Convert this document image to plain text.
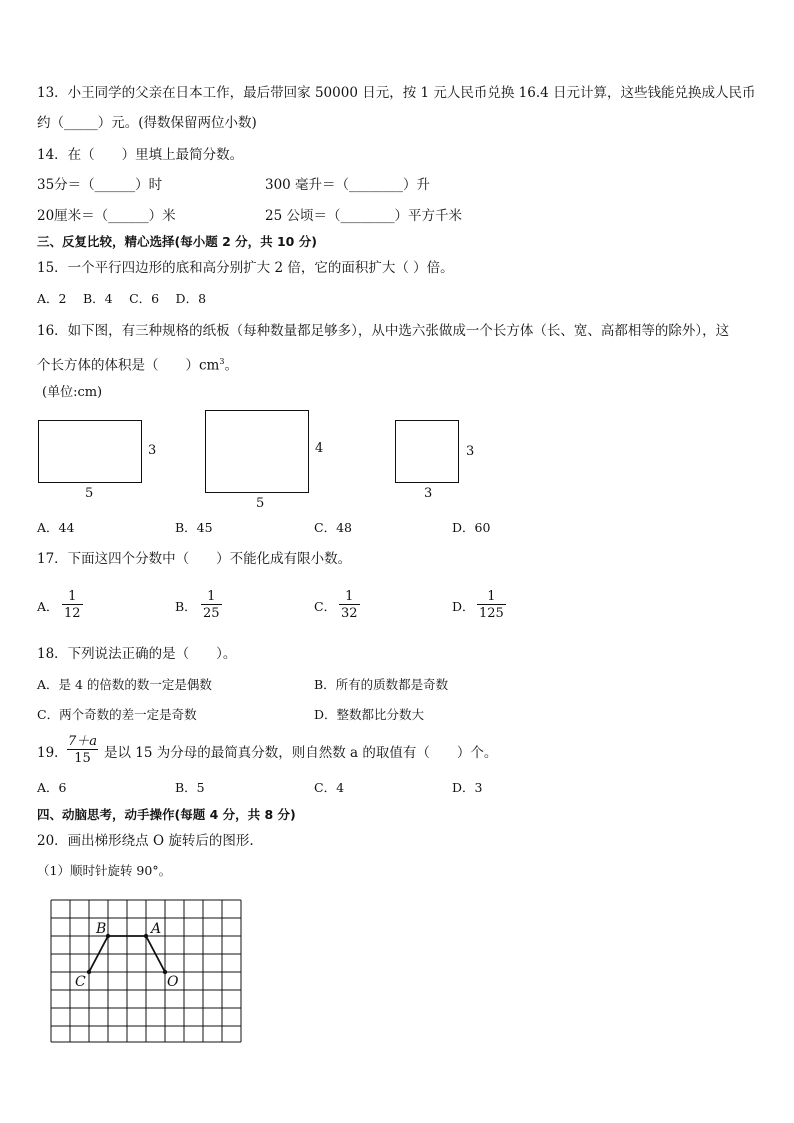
13．小王同学的父亲在日本工作，最后带回家 50000 日元，按 1 元人民币兑换 16.4 日元计算，这些钱能兑换成人民币
约（_____）元。(得数保留两位小数)
14．在（　　）里填上最简分数。
35分＝（______）时	300 毫升＝（________）升
20厘米＝（______）米	25 公顷＝（________）平方千米
三、反复比较，精心选择(每小题 2 分，共 10 分)
15．一个平行四边形的底和高分别扩大 2 倍，它的面积扩大（ ）倍。
A．2　 B．4　 C．6　 D．8
16．如下图，有三种规格的纸板（每种数量都足够多），从中选六张做成一个长方体（长、宽、高都相等的除外），这
个长方体的体积是（　　）$cm^3$。
(单位:cm)
3
5
4
5
3
3
A．44	B．45	C．48	D．60
17．下面这四个分数中（　　）不能化成有限小数。
A． $\frac{1}{12}$	B． $\frac{1}{25}$	C． $\frac{1}{32}$	D． $\frac{1}{125}$
18．下列说法正确的是（　　）。
A．是 4 的倍数的数一定是偶数	B．所有的质数都是奇数
C．两个奇数的差一定是奇数	D．整数都比分数大
19． $\frac{7+a}{15}$ 是以 15 为分母的最简真分数，则自然数 a 的取值有（　　）个。
A．6	B．5	C．4	D．3
四、动脑思考，动手操作(每题 4 分，共 8 分)
20．画出梯形绕点 O 旋转后的图形.
（1）顺时针旋转 90°。
B	A
C	O
